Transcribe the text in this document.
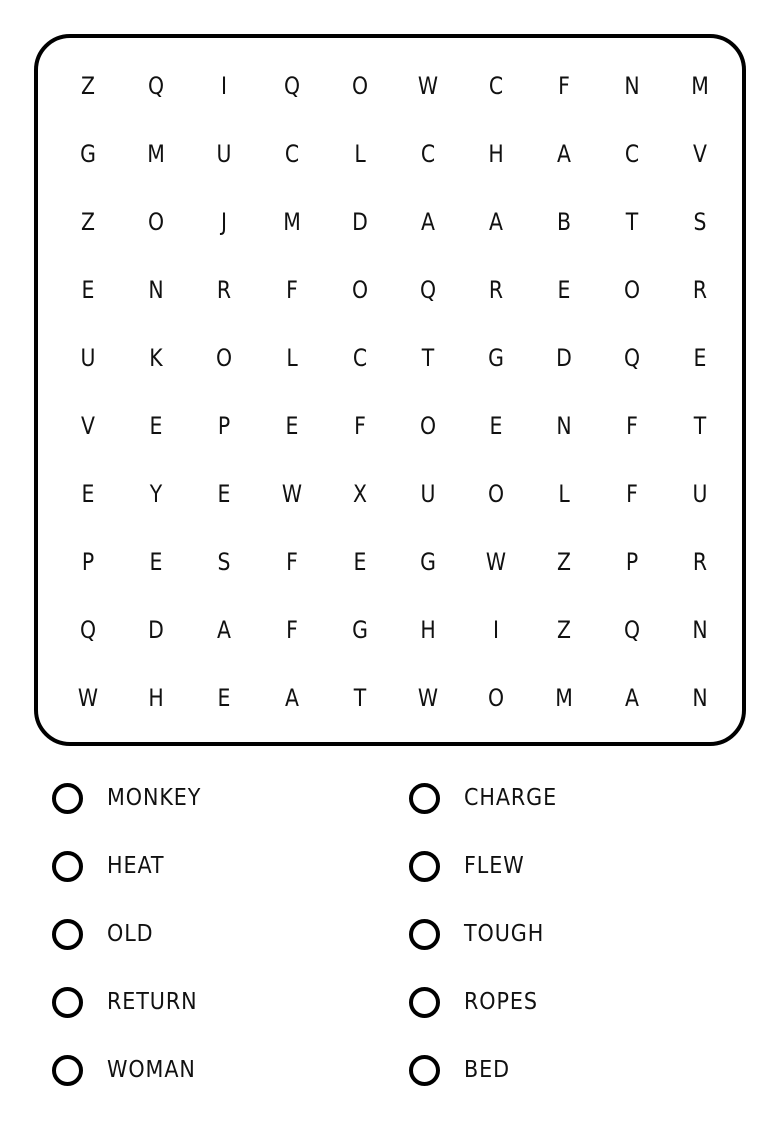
Z	Q	I	Q	O	W	C	F	N	M
G	M	U	C	L	C	H	A	C	V
Z	O	J	M	D	A	A	B	T	S
E	N	R	F	O	Q	R	E	O	R
U	K	O	L	C	T	G	D	Q	E
V	E	P	E	F	O	E	N	F	T
E	Y	E	W	X	U	O	L	F	U
P	E	S	F	E	G	W	Z	P	R
Q	D	A	F	G	H	I	Z	Q	N
W	H	E	A	T	W	O	M	A	N
MONKEY	CHARGE
HEAT	FLEW
OLD	TOUGH
RETURN	ROPES
WOMAN	BED
